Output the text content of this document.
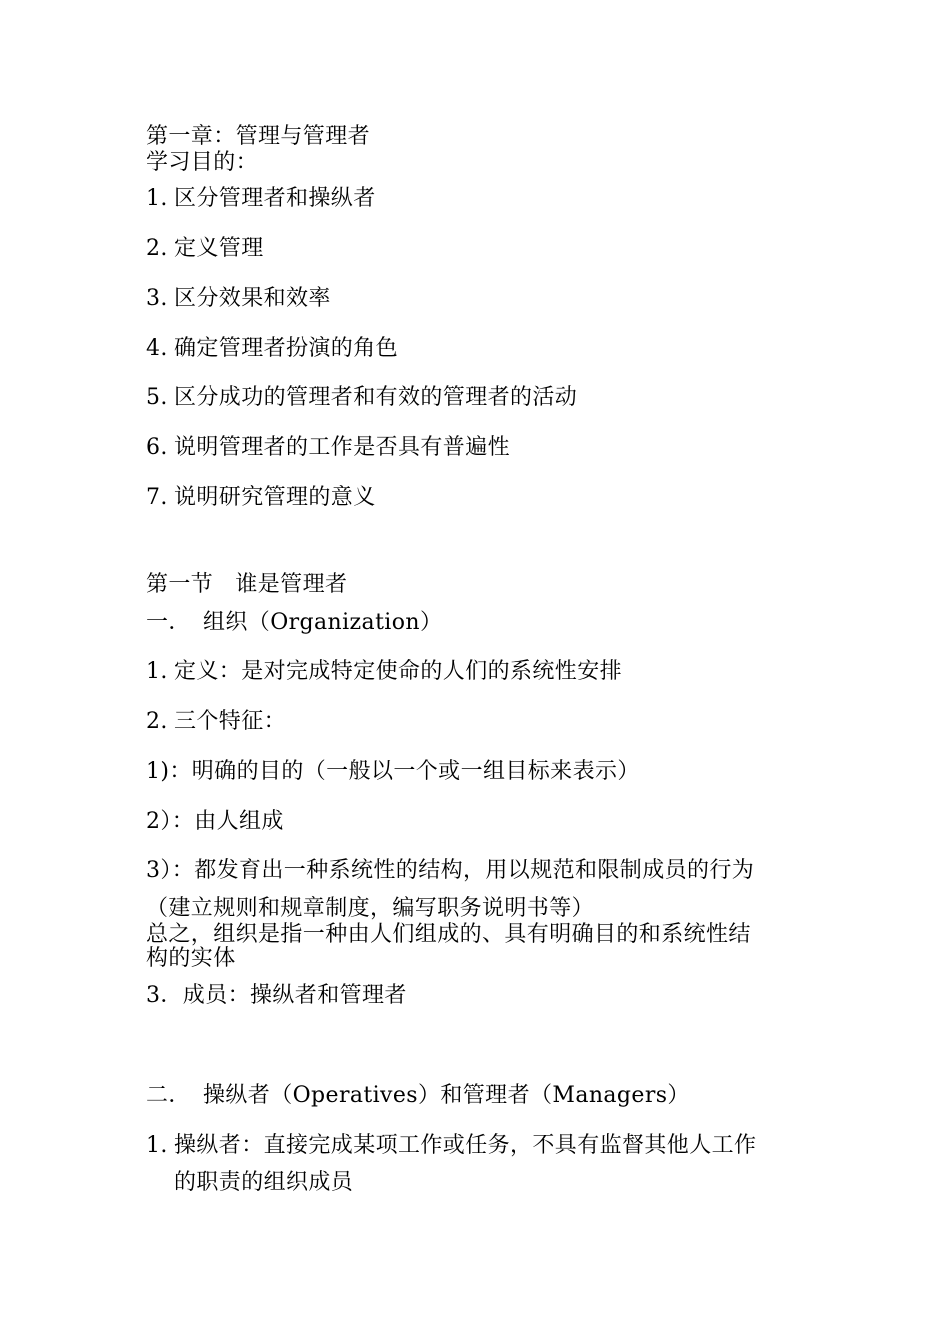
第一章：管理与管理者
学习目的：
1. 区分管理者和操纵者
2. 定义管理
3. 区分效果和效率
4. 确定管理者扮演的角色
5. 区分成功的管理者和有效的管理者的活动
6. 说明管理者的工作是否具有普遍性
7. 说明研究管理的意义
第一节   谁是管理者
一． 组织（Organization）
1. 定义：是对完成特定使命的人们的系统性安排
2. 三个特征：
1)：明确的目的（一般以一个或一组目标来表示）
2）：由人组成
3）：都发育出一种系统性的结构，用以规范和限制成员的行为
（建立规则和规章制度，编写职务说明书等）
总之，组织是指一种由人们组成的、具有明确目的和系统性结
构的实体
3．成员：操纵者和管理者
二． 操纵者（Operatives）和管理者（Managers）
1. 操纵者：直接完成某项工作或任务，不具有监督其他人工作
的职责的组织成员
